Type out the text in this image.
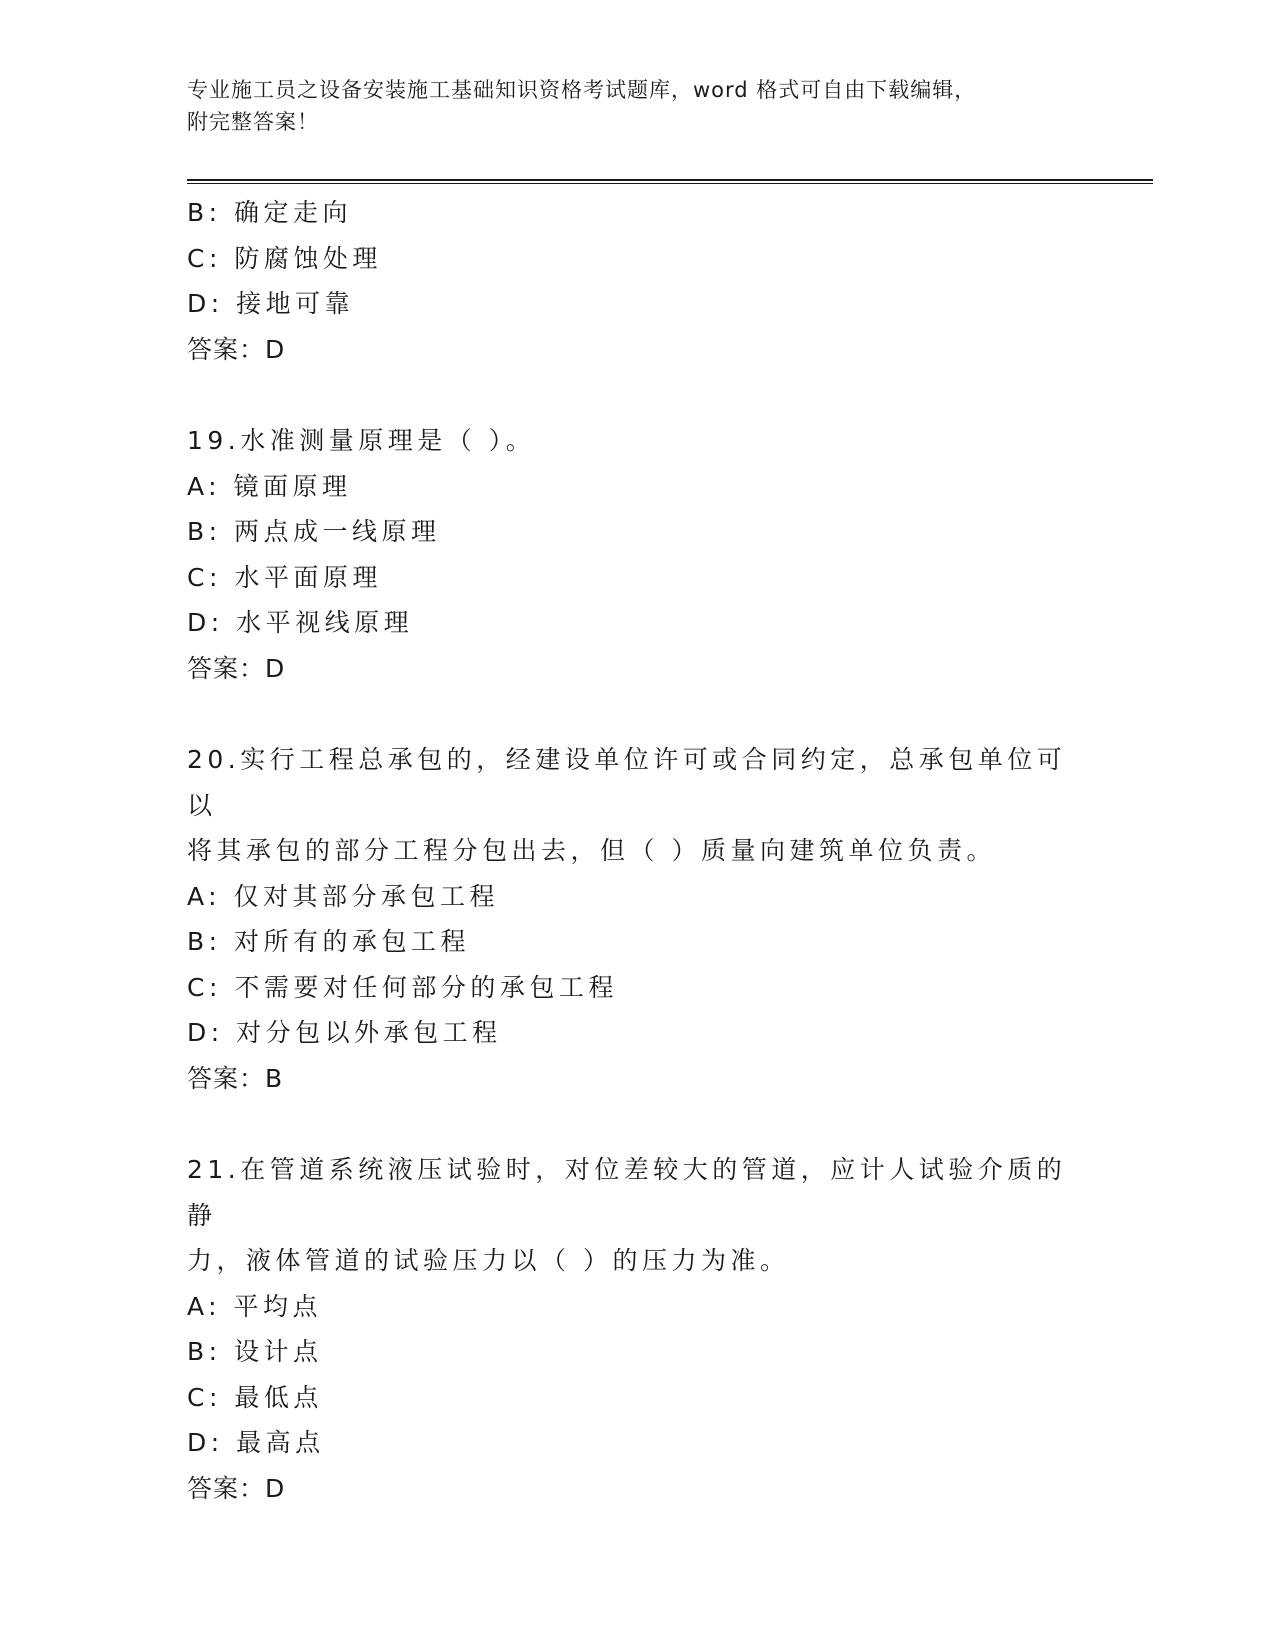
专业施工员之设备安装施工基础知识资格考试题库，word 格式可自由下载编辑，
附完整答案！

B: 确定走向

C: 防腐蚀处理

D: 接地可靠

答案：D

19.水准测量原理是（ ）。

A: 镜面原理

B: 两点成一线原理

C: 水平面原理

D: 水平视线原理

答案：D

20.实行工程总承包的，经建设单位许可或合同约定，总承包单位可以

将其承包的部分工程分包出去，但（ ）质量向建筑单位负责。

A: 仅对其部分承包工程

B: 对所有的承包工程

C: 不需要对任何部分的承包工程

D: 对分包以外承包工程

答案：B

21.在管道系统液压试验时，对位差较大的管道，应计人试验介质的静

力，液体管道的试验压力以（ ）的压力为准。

A: 平均点

B: 设计点

C: 最低点

D: 最高点

答案：D
